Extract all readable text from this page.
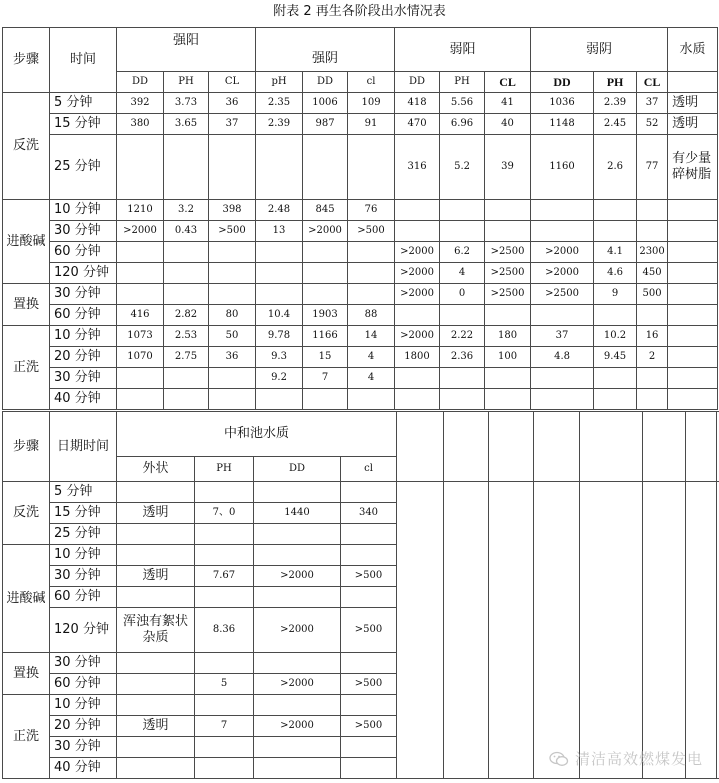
附表 2 再生各阶段出水情况表
步骤	时间	强阳			强阴			弱阳			弱阴			水质
		DD	PH	CL	pH	DD	cl	DD	PH	CL	DD	PH	CL	
反洗	5 分钟	392	3.73	36	2.35	1006	109	418	5.56	41	1036	2.39	37	透明
	15 分钟	380	3.65	37	2.39	987	91	470	6.96	40	1148	2.45	52	透明
	25 分钟							316	5.2	39	1160	2.6	77	有少量碎树脂
进酸碱	10 分钟	1210	3.2	398	2.48	845	76							
	30 分钟	>2000	0.43	>500	13	>2000	>500							
	60 分钟							>2000	6.2	>2500	>2000	4.1	2300	
	120 分钟							>2000	4	>2500	>2000	4.6	450	
置换	30 分钟							>2000	0	>2500	>2500	9	500	
	60 分钟	416	2.82	80	10.4	1903	88							
正洗	10 分钟	1073	2.53	50	9.78	1166	14	>2000	2.22	180	37	10.2	16	
	20 分钟	1070	2.75	36	9.3	15	4	1800	2.36	100	4.8	9.45	2	
	30 分钟				9.2	7	4							
	40 分钟													
步骤	日期时间	中和池水质											
		外状	PH	DD	cl								
反洗	5 分钟												
	15 分钟	透明	7、0	1440	340								
	25 分钟												
进酸碱	10 分钟												
	30 分钟	透明	7.67	>2000	>500								
	60 分钟												
	120 分钟	浑浊有絮状杂质	8.36	>2000	>500								
置换	30 分钟												
	60 分钟		5	>2000	>500								
正洗	10 分钟												
	20 分钟	透明	7	>2000	>500								
	30 分钟												
	40 分钟													清洁高效燃煤发电
